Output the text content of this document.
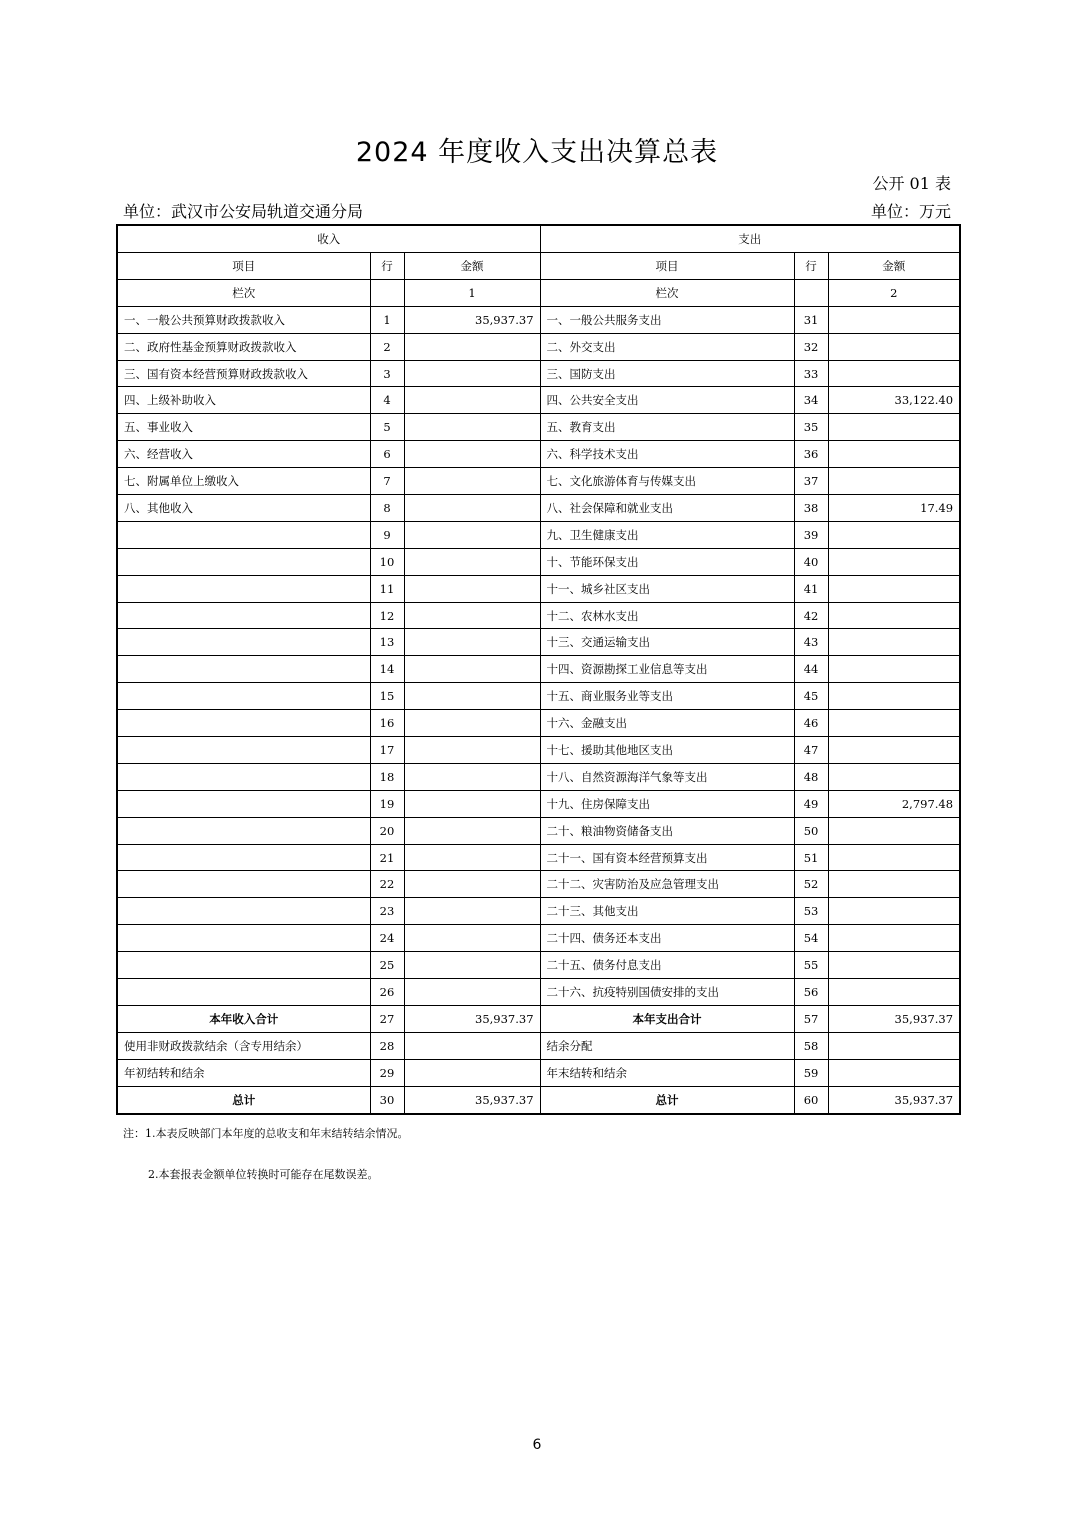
2024 年度收入支出决算总表
公开 01 表
单位：武汉市公安局轨道交通分局	单位：万元
收入			支出		
项目	行	金额	项目	行	金额
栏次		1	栏次		2
一、一般公共预算财政拨款收入	1	35,937.37	一、一般公共服务支出	31	
二、政府性基金预算财政拨款收入	2		二、外交支出	32	
三、国有资本经营预算财政拨款收入	3		三、国防支出	33	
四、上级补助收入	4		四、公共安全支出	34	33,122.40
五、事业收入	5		五、教育支出	35	
六、经营收入	6		六、科学技术支出	36	
七、附属单位上缴收入	7		七、文化旅游体育与传媒支出	37	
八、其他收入	8		八、社会保障和就业支出	38	17.49
	9		九、卫生健康支出	39	
	10		十、节能环保支出	40	
	11		十一、城乡社区支出	41	
	12		十二、农林水支出	42	
	13		十三、交通运输支出	43	
	14		十四、资源勘探工业信息等支出	44	
	15		十五、商业服务业等支出	45	
	16		十六、金融支出	46	
	17		十七、援助其他地区支出	47	
	18		十八、自然资源海洋气象等支出	48	
	19		十九、住房保障支出	49	2,797.48
	20		二十、粮油物资储备支出	50	
	21		二十一、国有资本经营预算支出	51	
	22		二十二、灾害防治及应急管理支出	52	
	23		二十三、其他支出	53	
	24		二十四、债务还本支出	54	
	25		二十五、债务付息支出	55	
	26		二十六、抗疫特别国债安排的支出	56	
本年收入合计	27	35,937.37	本年支出合计	57	35,937.37
使用非财政拨款结余（含专用结余）	28		结余分配	58	
年初结转和结余	29		年末结转和结余	59	
总计	30	35,937.37	总计	60	35,937.37
注：1.本表反映部门本年度的总收支和年末结转结余情况。
2.本套报表金额单位转换时可能存在尾数误差。
6
